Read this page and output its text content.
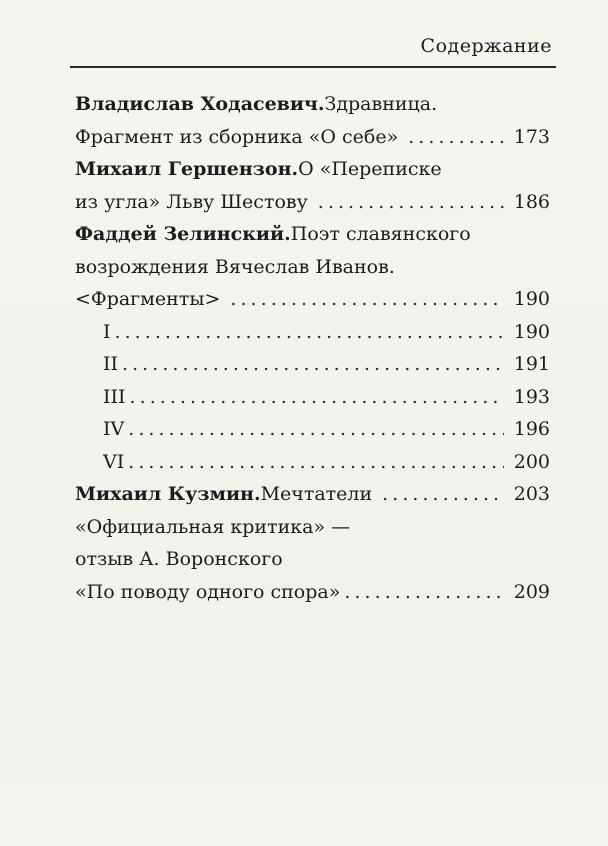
Содержание
Владислав Ходасевич. Здравница.
Фрагмент из сборника «О себе» . . .	173
Михаил Гершензон. О «Переписке
из угла» Льву Шестову . . .	186
Фаддей Зелинский. Поэт славянского
возрождения Вячеслав Иванов.
<Фрагменты> . . .	190
I . . .	190
II . . .	191
III . . .	193
IV . . .	196
VI . . .	200
Михаил Кузмин. Мечтатели . . .	203
«Официальная критика» —
отзыв А. Воронского
«По поводу одного спора» . . .	209
